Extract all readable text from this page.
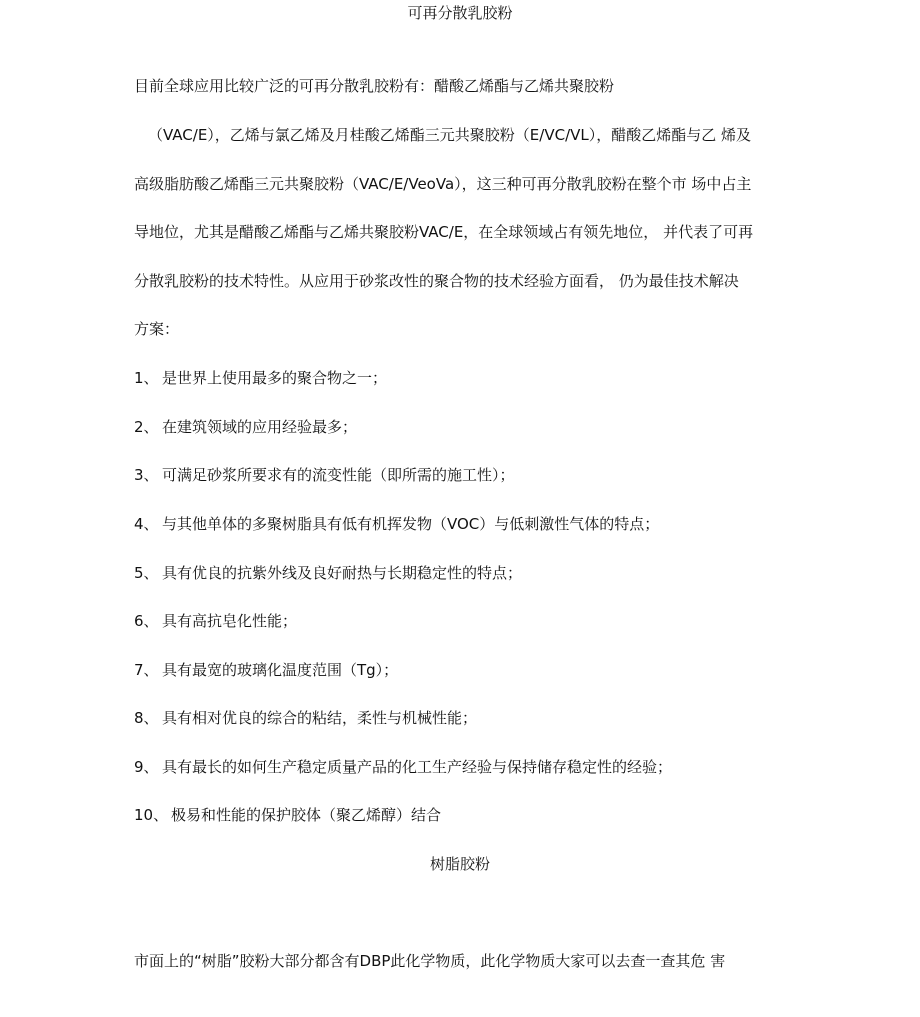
可再分散乳胶粉
目前全球应用比较广泛的可再分散乳胶粉有：醋酸乙烯酯与乙烯共聚胶粉
（VAC/E），乙烯与氯乙烯及月桂酸乙烯酯三元共聚胶粉（E/VC/VL），醋酸乙烯酯与乙 烯及
高级脂肪酸乙烯酯三元共聚胶粉（VAC/E/VeoVa），这三种可再分散乳胶粉在整个市 场中占主
导地位，尤其是醋酸乙烯酯与乙烯共聚胶粉VAC/E，在全球领域占有领先地位， 并代表了可再
分散乳胶粉的技术特性。从应用于砂浆改性的聚合物的技术经验方面看， 仍为最佳技术解决
方案：
1、 是世界上使用最多的聚合物之一；
2、 在建筑领域的应用经验最多；
3、 可满足砂浆所要求有的流变性能（即所需的施工性）；
4、 与其他单体的多聚树脂具有低有机挥发物（VOC）与低刺激性气体的特点；
5、 具有优良的抗紫外线及良好耐热与长期稳定性的特点；
6、 具有高抗皂化性能；
7、 具有最宽的玻璃化温度范围（Tg）；
8、 具有相对优良的综合的粘结，柔性与机械性能；
9、 具有最长的如何生产稳定质量产品的化工生产经验与保持储存稳定性的经验；
10、 极易和性能的保护胶体（聚乙烯醇）结合
树脂胶粉
市面上的“树脂”胶粉大部分都含有DBP此化学物质，此化学物质大家可以去查一查其危 害
